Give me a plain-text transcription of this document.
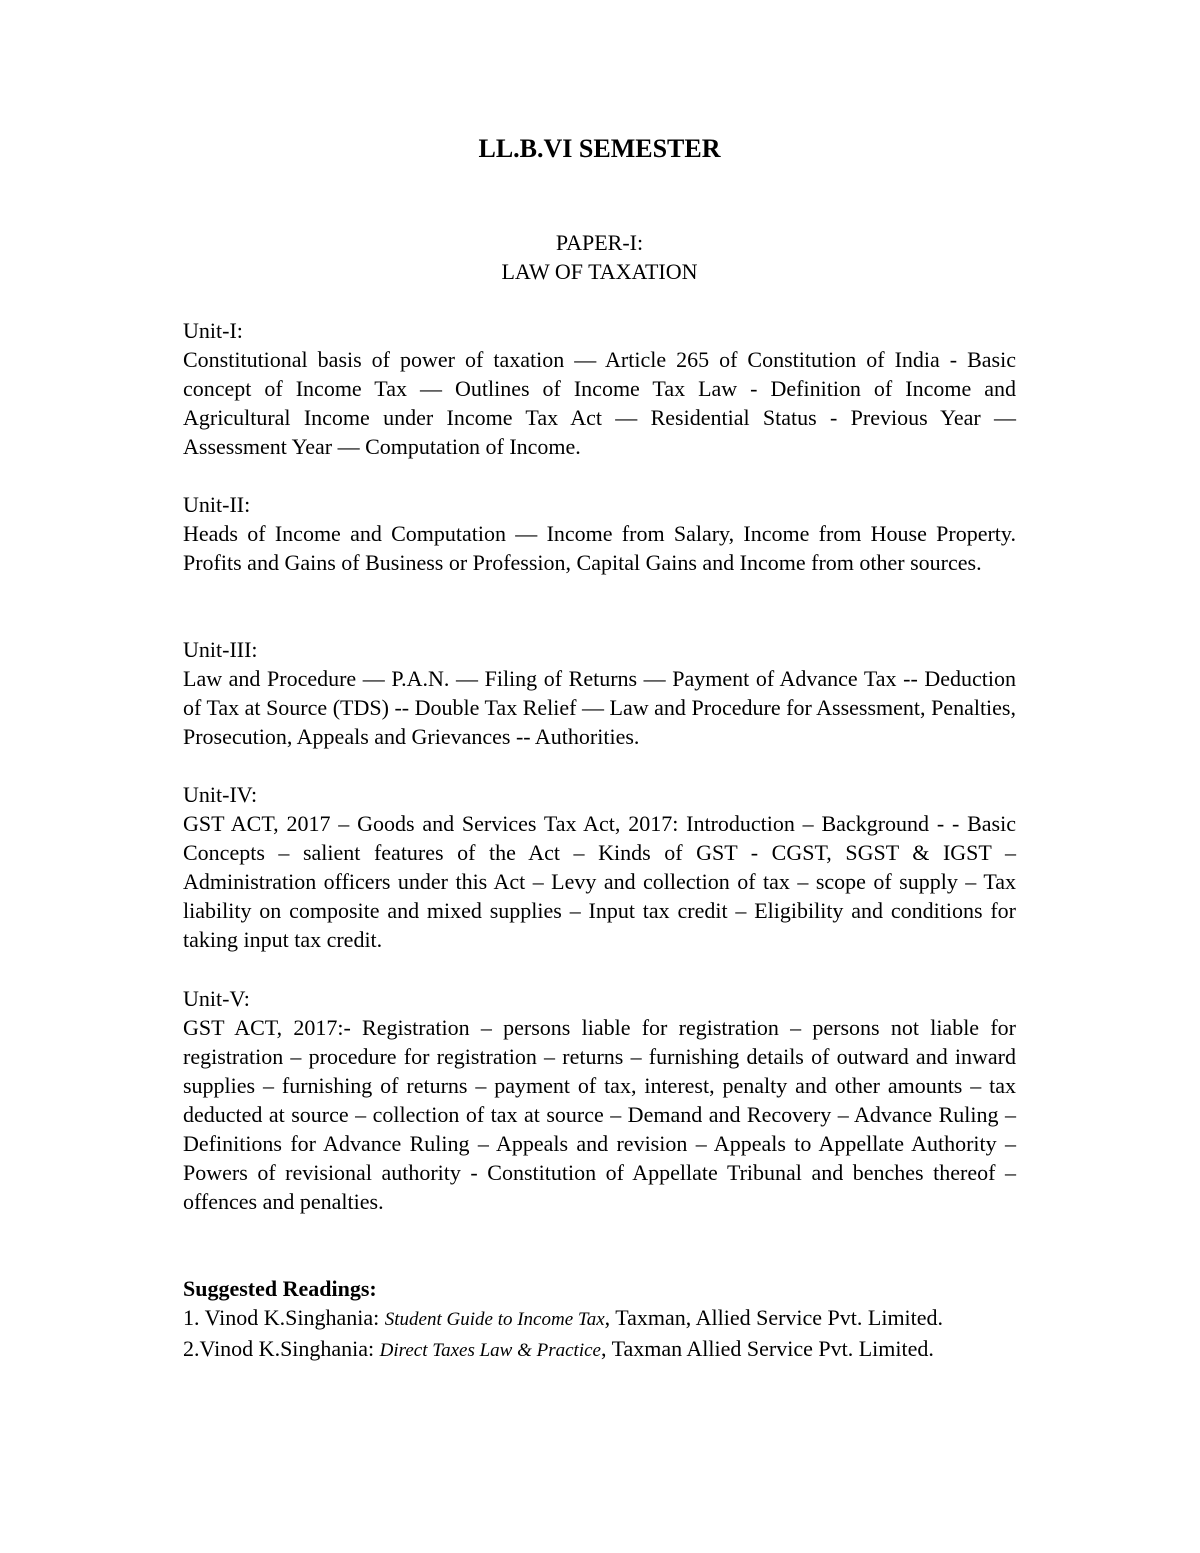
LL.B.VI SEMESTER
PAPER-I:
LAW OF TAXATION
Unit-I:
Constitutional basis of power of taxation — Article 265 of Constitution of India - Basic concept of Income Tax — Outlines of Income Tax Law - Definition of Income and Agricultural Income under Income Tax Act — Residential Status - Previous Year — Assessment Year — Computation of Income.
Unit-II:
Heads of Income and Computation — Income from Salary, Income from House Property. Profits and Gains of Business or Profession, Capital Gains and Income from other sources.
Unit-III:
Law and Procedure — P.A.N. — Filing of Returns — Payment of Advance Tax -- Deduction of Tax at Source (TDS) -- Double Tax Relief — Law and Procedure for Assessment, Penalties, Prosecution, Appeals and Grievances -- Authorities.
Unit-IV:
GST ACT, 2017 – Goods and Services Tax Act, 2017: Introduction – Background - - Basic Concepts – salient features of the Act – Kinds of GST - CGST, SGST & IGST – Administration officers under this Act – Levy and collection of tax – scope of supply – Tax liability on composite and mixed supplies – Input tax credit – Eligibility and conditions for taking input tax credit.
Unit-V:
GST ACT, 2017:- Registration – persons liable for registration – persons not liable for registration – procedure for registration – returns – furnishing details of outward and inward supplies – furnishing of returns – payment of tax, interest, penalty and other amounts – tax deducted at source – collection of tax at source – Demand and Recovery – Advance Ruling – Definitions for Advance Ruling – Appeals and revision – Appeals to Appellate Authority – Powers of revisional authority - Constitution of Appellate Tribunal and benches thereof – offences and penalties.
Suggested Readings:
1. Vinod K.Singhania: Student Guide to Income Tax, Taxman, Allied Service Pvt. Limited.
2.Vinod K.Singhania: Direct Taxes Law & Practice, Taxman Allied Service Pvt. Limited.
